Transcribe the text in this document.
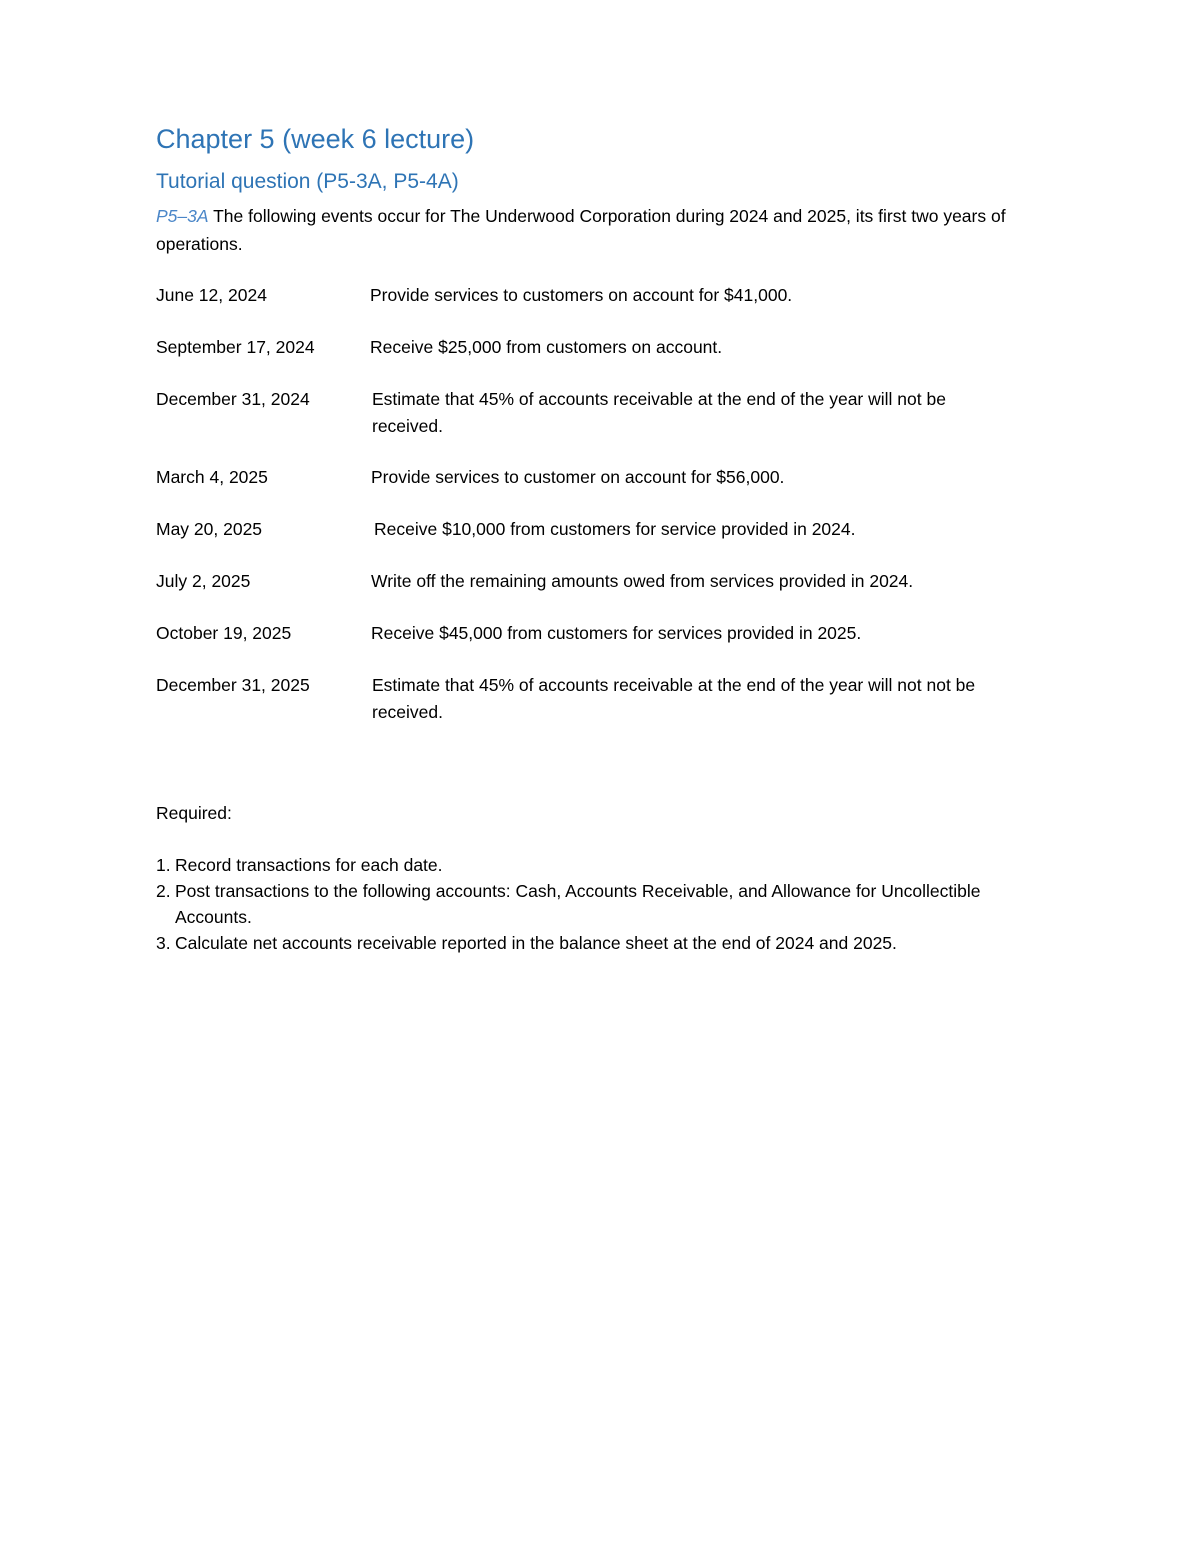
Chapter 5 (week 6 lecture)
Tutorial question (P5-3A, P5-4A)

P5–3A The following events occur for The Underwood Corporation during 2024 and 2025, its first two years of operations.

June 12, 2024	Provide services to customers on account for $41,000.
September 17, 2024	Receive $25,000 from customers on account.
December 31, 2024	Estimate that 45% of accounts receivable at the end of the year will not be received.
March 4, 2025	Provide services to customer on account for $56,000.
May 20, 2025	Receive $10,000 from customers for service provided in 2024.
July 2, 2025	Write off the remaining amounts owed from services provided in 2024.
October 19, 2025	Receive $45,000 from customers for services provided in 2025.
December 31, 2025	Estimate that 45% of accounts receivable at the end of the year will not not be received.

Required:

1. Record transactions for each date.
2. Post transactions to the following accounts: Cash, Accounts Receivable, and Allowance for Uncollectible Accounts.
3. Calculate net accounts receivable reported in the balance sheet at the end of 2024 and 2025.
